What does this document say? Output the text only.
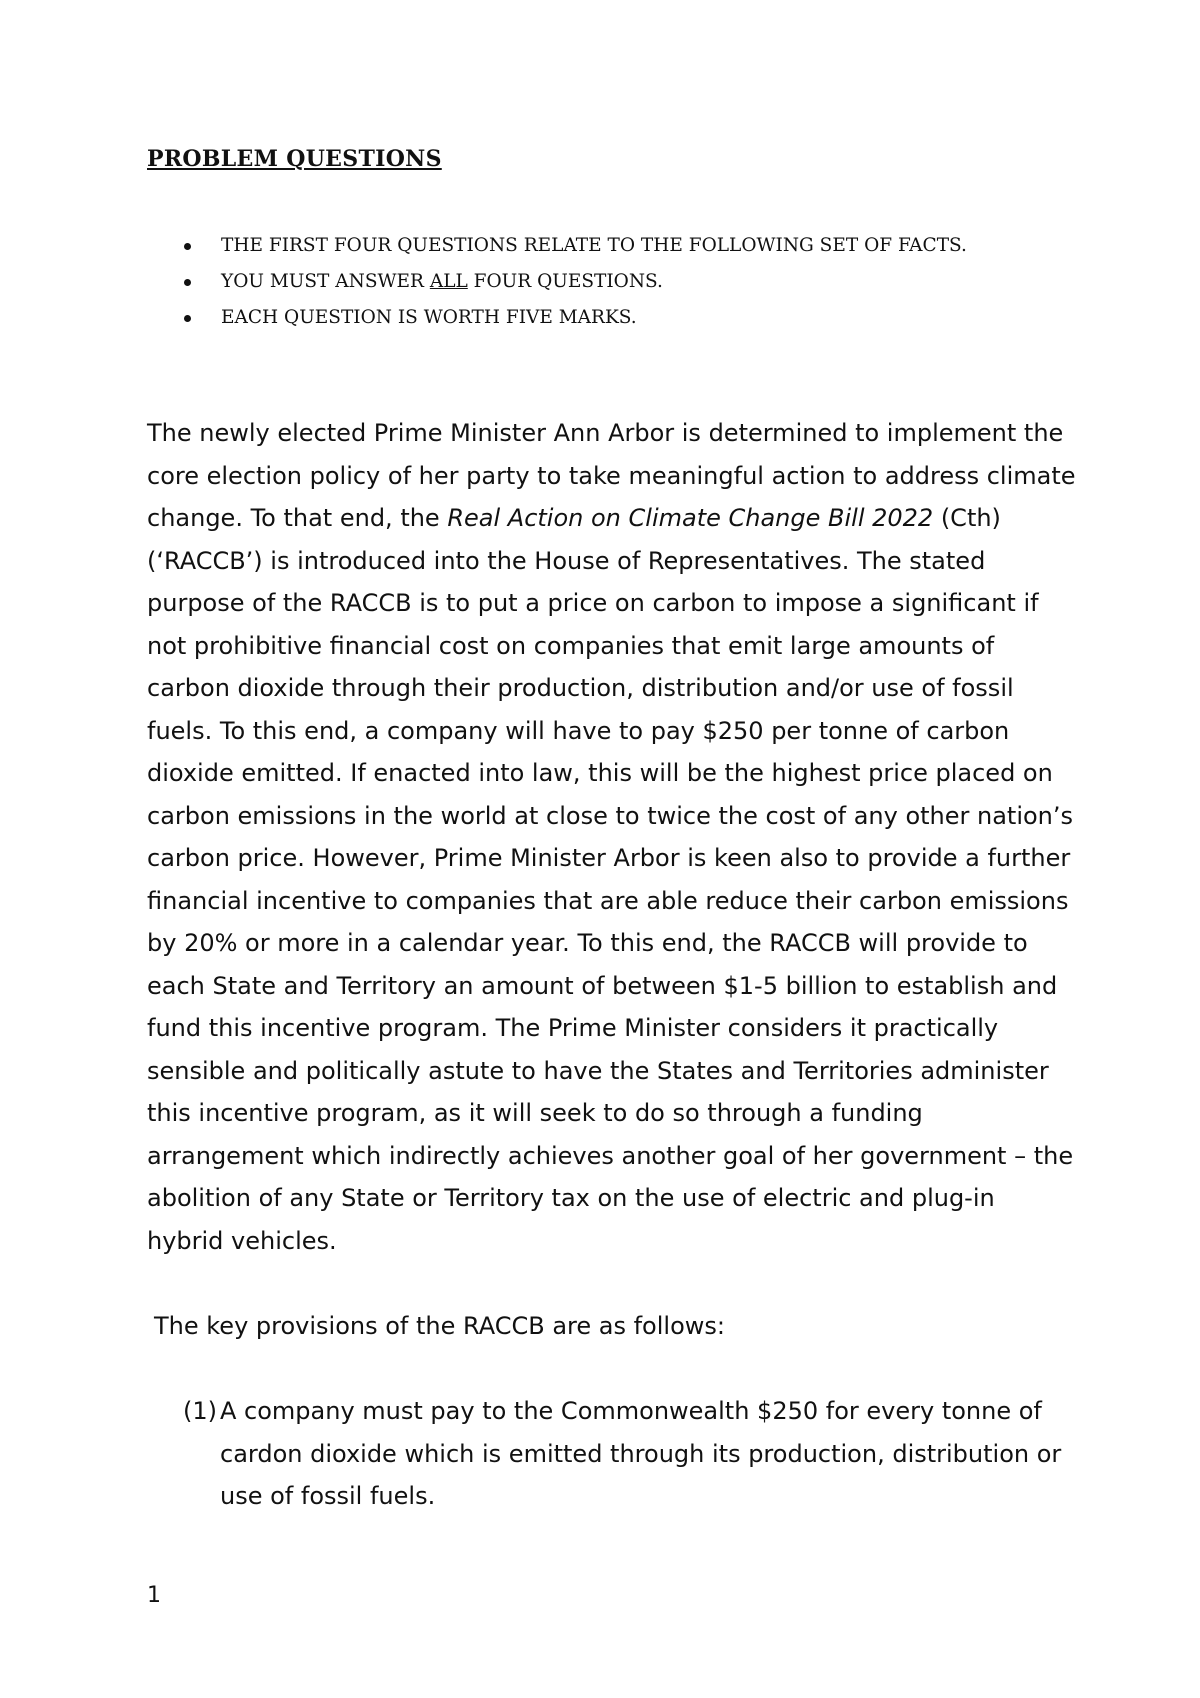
PROBLEM QUESTIONS
THE FIRST FOUR QUESTIONS RELATE TO THE FOLLOWING SET OF FACTS.
YOU MUST ANSWER ALL FOUR QUESTIONS.
EACH QUESTION IS WORTH FIVE MARKS.

The newly elected Prime Minister Ann Arbor is determined to implement the core election policy of her party to take meaningful action to address climate change. To that end, the Real Action on Climate Change Bill 2022 (Cth)(‘RACCB’) is introduced into the House of Representatives. The stated purpose of the RACCB is to put a price on carbon to impose a significant if not prohibitive financial cost on companies that emit large amounts of carbon dioxide through their production, distribution and/or use of fossil fuels. To this end, a company will have to pay $250 per tonne of carbon dioxide emitted. If enacted into law, this will be the highest price placed on carbon emissions in the world at close to twice the cost of any other nation’s carbon price. However, Prime Minister Arbor is keen also to provide a further financial incentive to companies that are able reduce their carbon emissions by 20% or more in a calendar year. To this end, the RACCB will provide to each State and Territory an amount of between $1-5 billion to establish and fund this incentive program. The Prime Minister considers it practically sensible and politically astute to have the States and Territories administer this incentive program, as it will seek to do so through a funding arrangement which indirectly achieves another goal of her government – the abolition of any State or Territory tax on the use of electric and plug-in hybrid vehicles.

The key provisions of the RACCB are as follows:

(1) A company must pay to the Commonwealth $250 for every tonne of cardon dioxide which is emitted through its production, distribution or use of fossil fuels.
1
